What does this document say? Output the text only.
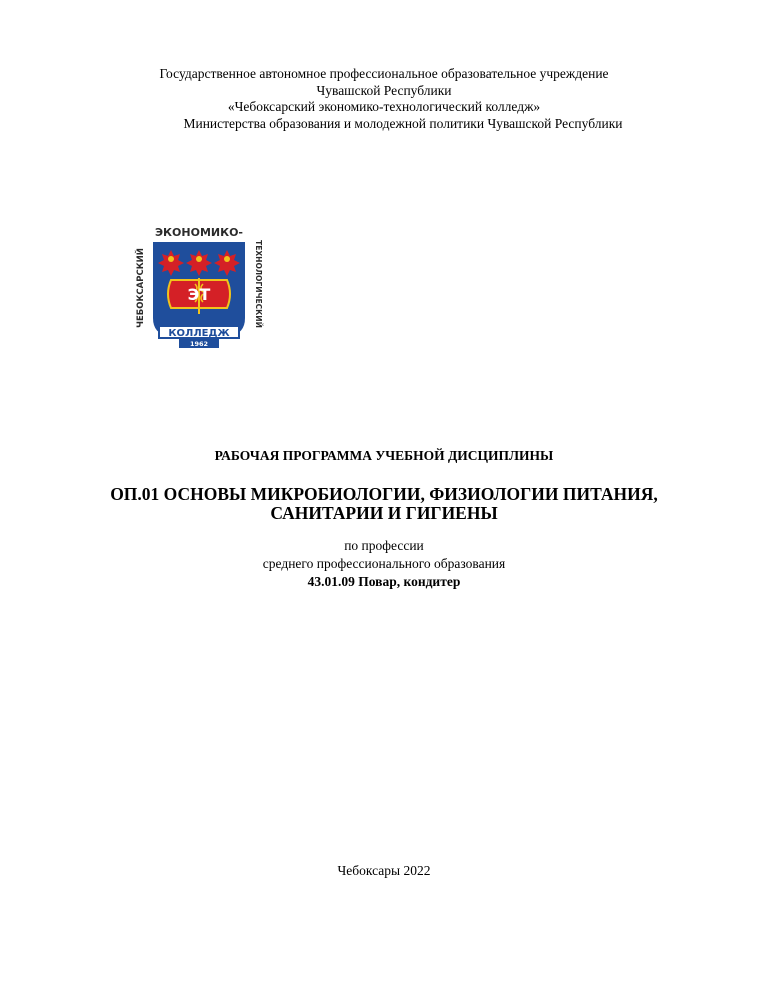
Государственное автономное профессиональное образовательное учреждение
Чувашской Республики
«Чебоксарский экономико-технологический колледж»
Министерства образования и молодежной политики Чувашской Республики
ЭКОНОМИКО-
ЧЕБОКСАРСКИЙ	ТЕХНОЛОГИЧЕСКИЙ
ЭТ
КОЛЛЕДЖ
1962
РАБОЧАЯ ПРОГРАММА УЧЕБНОЙ ДИСЦИПЛИНЫ
ОП.01 ОСНОВЫ МИКРОБИОЛОГИИ, ФИЗИОЛОГИИ ПИТАНИЯ,
САНИТАРИИ И ГИГИЕНЫ
по профессии
среднего профессионального образования
43.01.09 Повар, кондитер
Чебоксары 2022
